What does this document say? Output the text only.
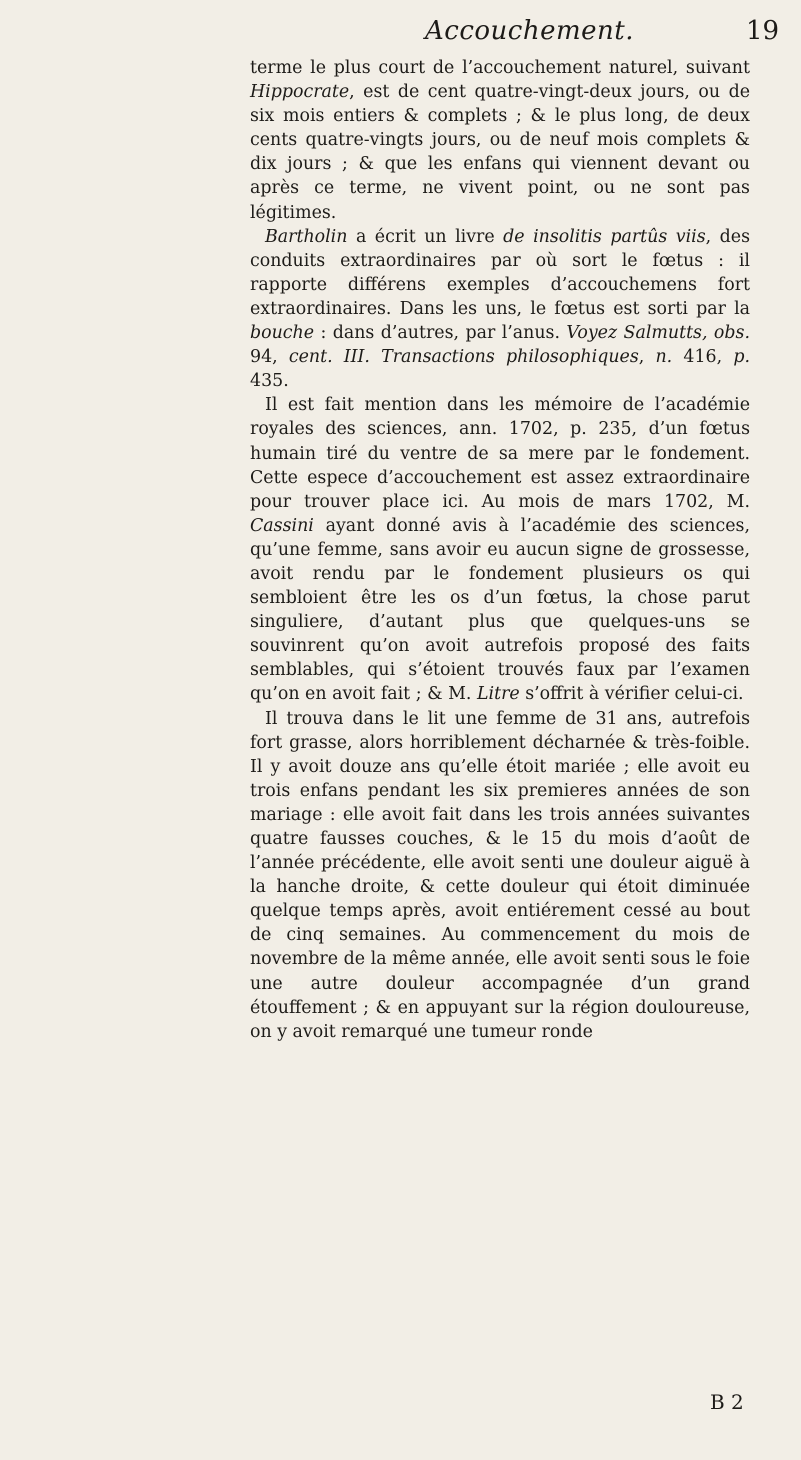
Accouchement.	19

terme le plus court de l’accouchement naturel, suivant Hippocrate, est de cent quatre-vingt-deux jours, ou de six mois entiers & complets ; & le plus long, de deux cents quatre-vingts jours, ou de neuf mois complets & dix jours ; & que les enfans qui viennent devant ou après ce terme, ne vivent point, ou ne sont pas légitimes.

Bartholin a écrit un livre de insolitis partûs viis, des conduits extraordinaires par où sort le fœtus : il rapporte différens exemples d’accouchemens fort extraordinaires. Dans les uns, le fœtus est sorti par la bouche : dans d’autres, par l’anus. Voyez Salmutts, obs. 94, cent. III. Transactions philosophiques, n. 416, p. 435.

Il est fait mention dans les mémoire de l’académie royales des sciences, ann. 1702, p. 235, d’un fœtus humain tiré du ventre de sa mere par le fondement. Cette espece d’accouchement est assez extraordinaire pour trouver place ici. Au mois de mars 1702, M. Cassini ayant donné avis à l’académie des sciences, qu’une femme, sans avoir eu aucun signe de grossesse, avoit rendu par le fondement plusieurs os qui sembloient être les os d’un fœtus, la chose parut singuliere, d’autant plus que quelques-uns se souvinrent qu’on avoit autrefois proposé des faits semblables, qui s’étoient trouvés faux par l’examen qu’on en avoit fait ; & M. Litre s’offrit à vérifier celui-ci.

Il trouva dans le lit une femme de 31 ans, autrefois fort grasse, alors horriblement décharnée & très-foible. Il y avoit douze ans qu’elle étoit mariée ; elle avoit eu trois enfans pendant les six premieres années de son mariage : elle avoit fait dans les trois années suivantes quatre fausses couches, & le 15 du mois d’août de l’année précédente, elle avoit senti une douleur aiguë à la hanche droite, & cette douleur qui étoit diminuée quelque temps après, avoit entiérement cessé au bout de cinq semaines. Au commencement du mois de novembre de la même année, elle avoit senti sous le foie une autre douleur accompagnée d’un grand étouffement ; & en appuyant sur la région douloureuse, on y avoit remarqué une tumeur ronde

B 2
